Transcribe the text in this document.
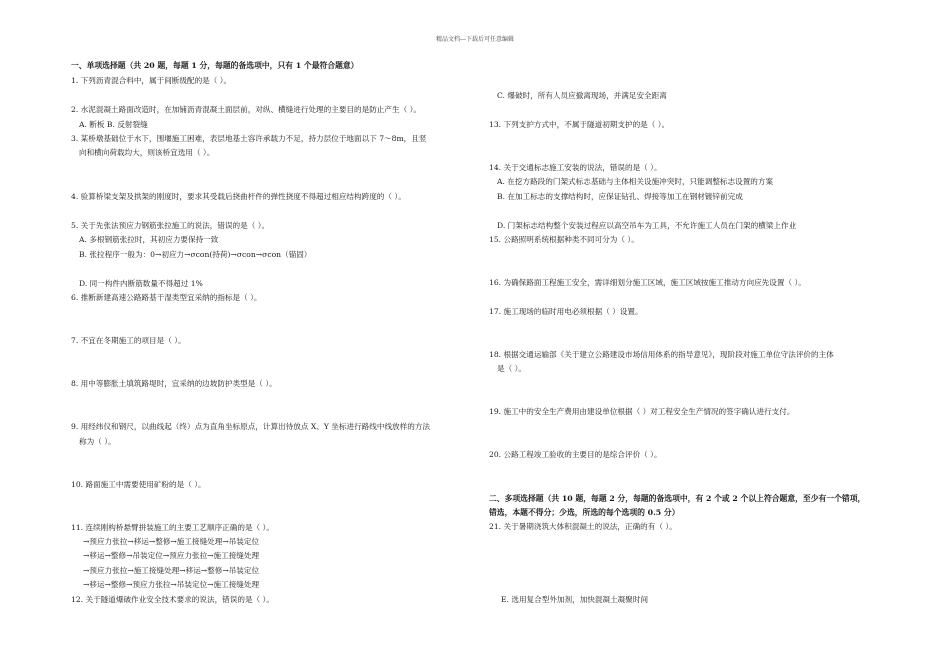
精品文档---下载后可任意编辑
一、单项选择题（共 20 题，每题 1 分，每题的备选项中，只有 1 个最符合题意）
1. 下列沥青混合料中，属于间断级配的是（ ）。
2. 水泥混凝土路面改造时，在加铺沥青混凝土面层前，对纵、横缝进行处理的主要目的是防止产生（ ）。
A. 断板 B. 反射裂缝
3. 某桥墩基础位于水下，围堰施工困难，表层地基土容许承载力不足，持力层位于地面以下 7～8m，且竖
向和横向荷载均大，则该桥宜选用（ ）。
4. 验算桥梁支架及拱架的刚度时，要求其受载后挠曲杆件的弹性挠度不得超过相应结构跨度的（ ）。
5. 关于先张法预应力钢筋张拉施工的说法，错误的是（ ）。
A. 多根钢筋张拉时，其初应力要保持一致
B. 张拉程序一般为：0→初应力→σcon(持荷)→σcon→σcon（锚固）
D. 同一构件内断筋数量不得超过 1%
6. 推断新建高速公路路基干湿类型宜采纳的指标是（ ）。
7. 不宜在冬期施工的项目是（ ）。
8. 用中等膨胀土填筑路堤时，宜采纳的边坡防护类型是（ ）。
9. 用经纬仪和钢尺，以曲线起（终）点为直角坐标原点，计算出待放点 X、Y 坐标进行路线中线放样的方法
称为（ ）。
10. 路面施工中需要使用矿粉的是（ ）。
11. 连续刚构桥悬臂拼装施工的主要工艺顺序正确的是（ ）。
→预应力张拉→移运→整修→施工接缝处理→吊装定位
→移运→整修→吊装定位→预应力张拉→施工接缝处理
→预应力张拉→施工接缝处理→移运→整修→吊装定位
→移运→整修→预应力张拉→吊装定位→施工接缝处理
12. 关于隧道爆破作业安全技术要求的说法，错误的是（ ）。
C. 爆破时，所有人员应撤离现场，并满足安全距离
13. 下列支护方式中，不属于隧道初期支护的是（ ）。
14. 关于交通标志施工安装的说法，错误的是（ ）。
A. 在挖方路段的门架式标志基础与主体相关设施冲突时，只能调整标志设置的方案
B. 在加工标志的支撑结构时，应保证钻孔、焊接等加工在钢材镀锌前完成
D. 门架标志结构整个安装过程应以高空吊车为工具，不允许施工人员在门架的横梁上作业
15. 公路照明系统根据种类不同可分为（ ）。
16. 为确保路面工程施工安全，需详细划分施工区域，施工区域按施工推动方向应先设置（ ）。
17. 施工现场的临时用电必须根据（ ）设置。
18. 根据交通运输部《关于建立公路建设市场信用体系的指导意见》，现阶段对施工单位守法评价的主体
是（ ）。
19. 施工中的安全生产费用由建设单位根据（ ）对工程安全生产情况的签字确认进行支付。
20. 公路工程竣工验收的主要目的是综合评价（ ）。
二、多项选择题（共 10 题，每题 2 分，每题的备选项中，有 2 个或 2 个以上符合题意，至少有一个错项，
错选，本题不得分；少选，所选的每个选项的 0.5 分）
21. 关于暑期浇筑大体积混凝土的说法，正确的有（ ）。
E. 选用复合型外加剂，加快混凝土凝聚时间
